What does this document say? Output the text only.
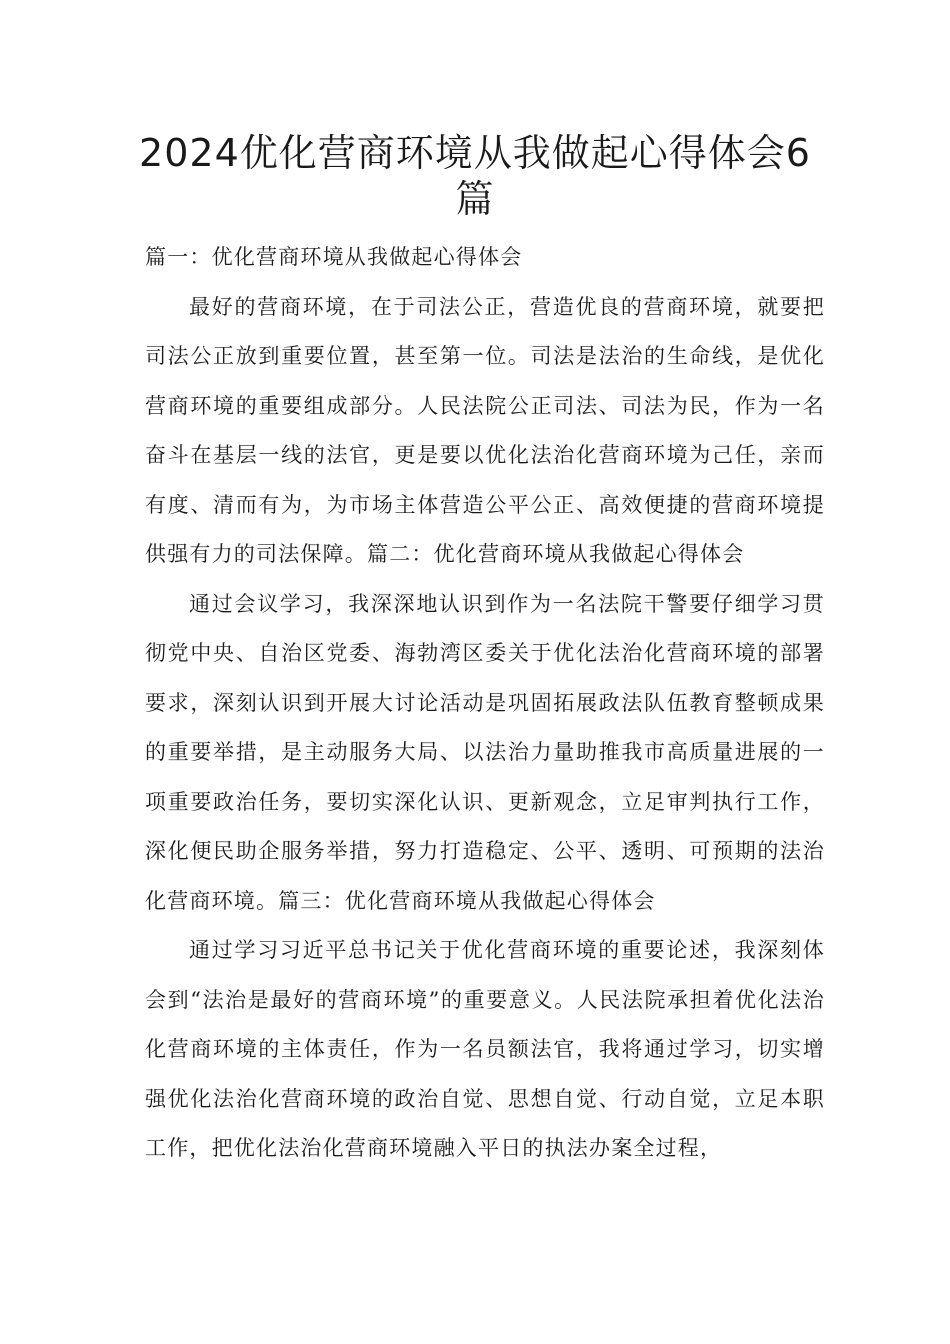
2024优化营商环境从我做起心得体会6篇

篇一：优化营商环境从我做起心得体会

最好的营商环境，在于司法公正，营造优良的营商环境，就要把司法公正放到重要位置，甚至第一位。司法是法治的生命线，是优化营商环境的重要组成部分。人民法院公正司法、司法为民，作为一名奋斗在基层一线的法官，更是要以优化法治化营商环境为己任，亲而有度、清而有为，为市场主体营造公平公正、高效便捷的营商环境提供强有力的司法保障。篇二：优化营商环境从我做起心得体会

通过会议学习，我深深地认识到作为一名法院干警要仔细学习贯彻党中央、自治区党委、海勃湾区委关于优化法治化营商环境的部署要求，深刻认识到开展大讨论活动是巩固拓展政法队伍教育整顿成果的重要举措，是主动服务大局、以法治力量助推我市高质量进展的一项重要政治任务，要切实深化认识、更新观念，立足审判执行工作，深化便民助企服务举措，努力打造稳定、公平、透明、可预期的法治化营商环境。篇三：优化营商环境从我做起心得体会

通过学习习近平总书记关于优化营商环境的重要论述，我深刻体会到“法治是最好的营商环境”的重要意义。人民法院承担着优化法治化营商环境的主体责任，作为一名员额法官，我将通过学习，切实增强优化法治化营商环境的政治自觉、思想自觉、行动自觉，立足本职工作，把优化法治化营商环境融入平日的执法办案全过程，
